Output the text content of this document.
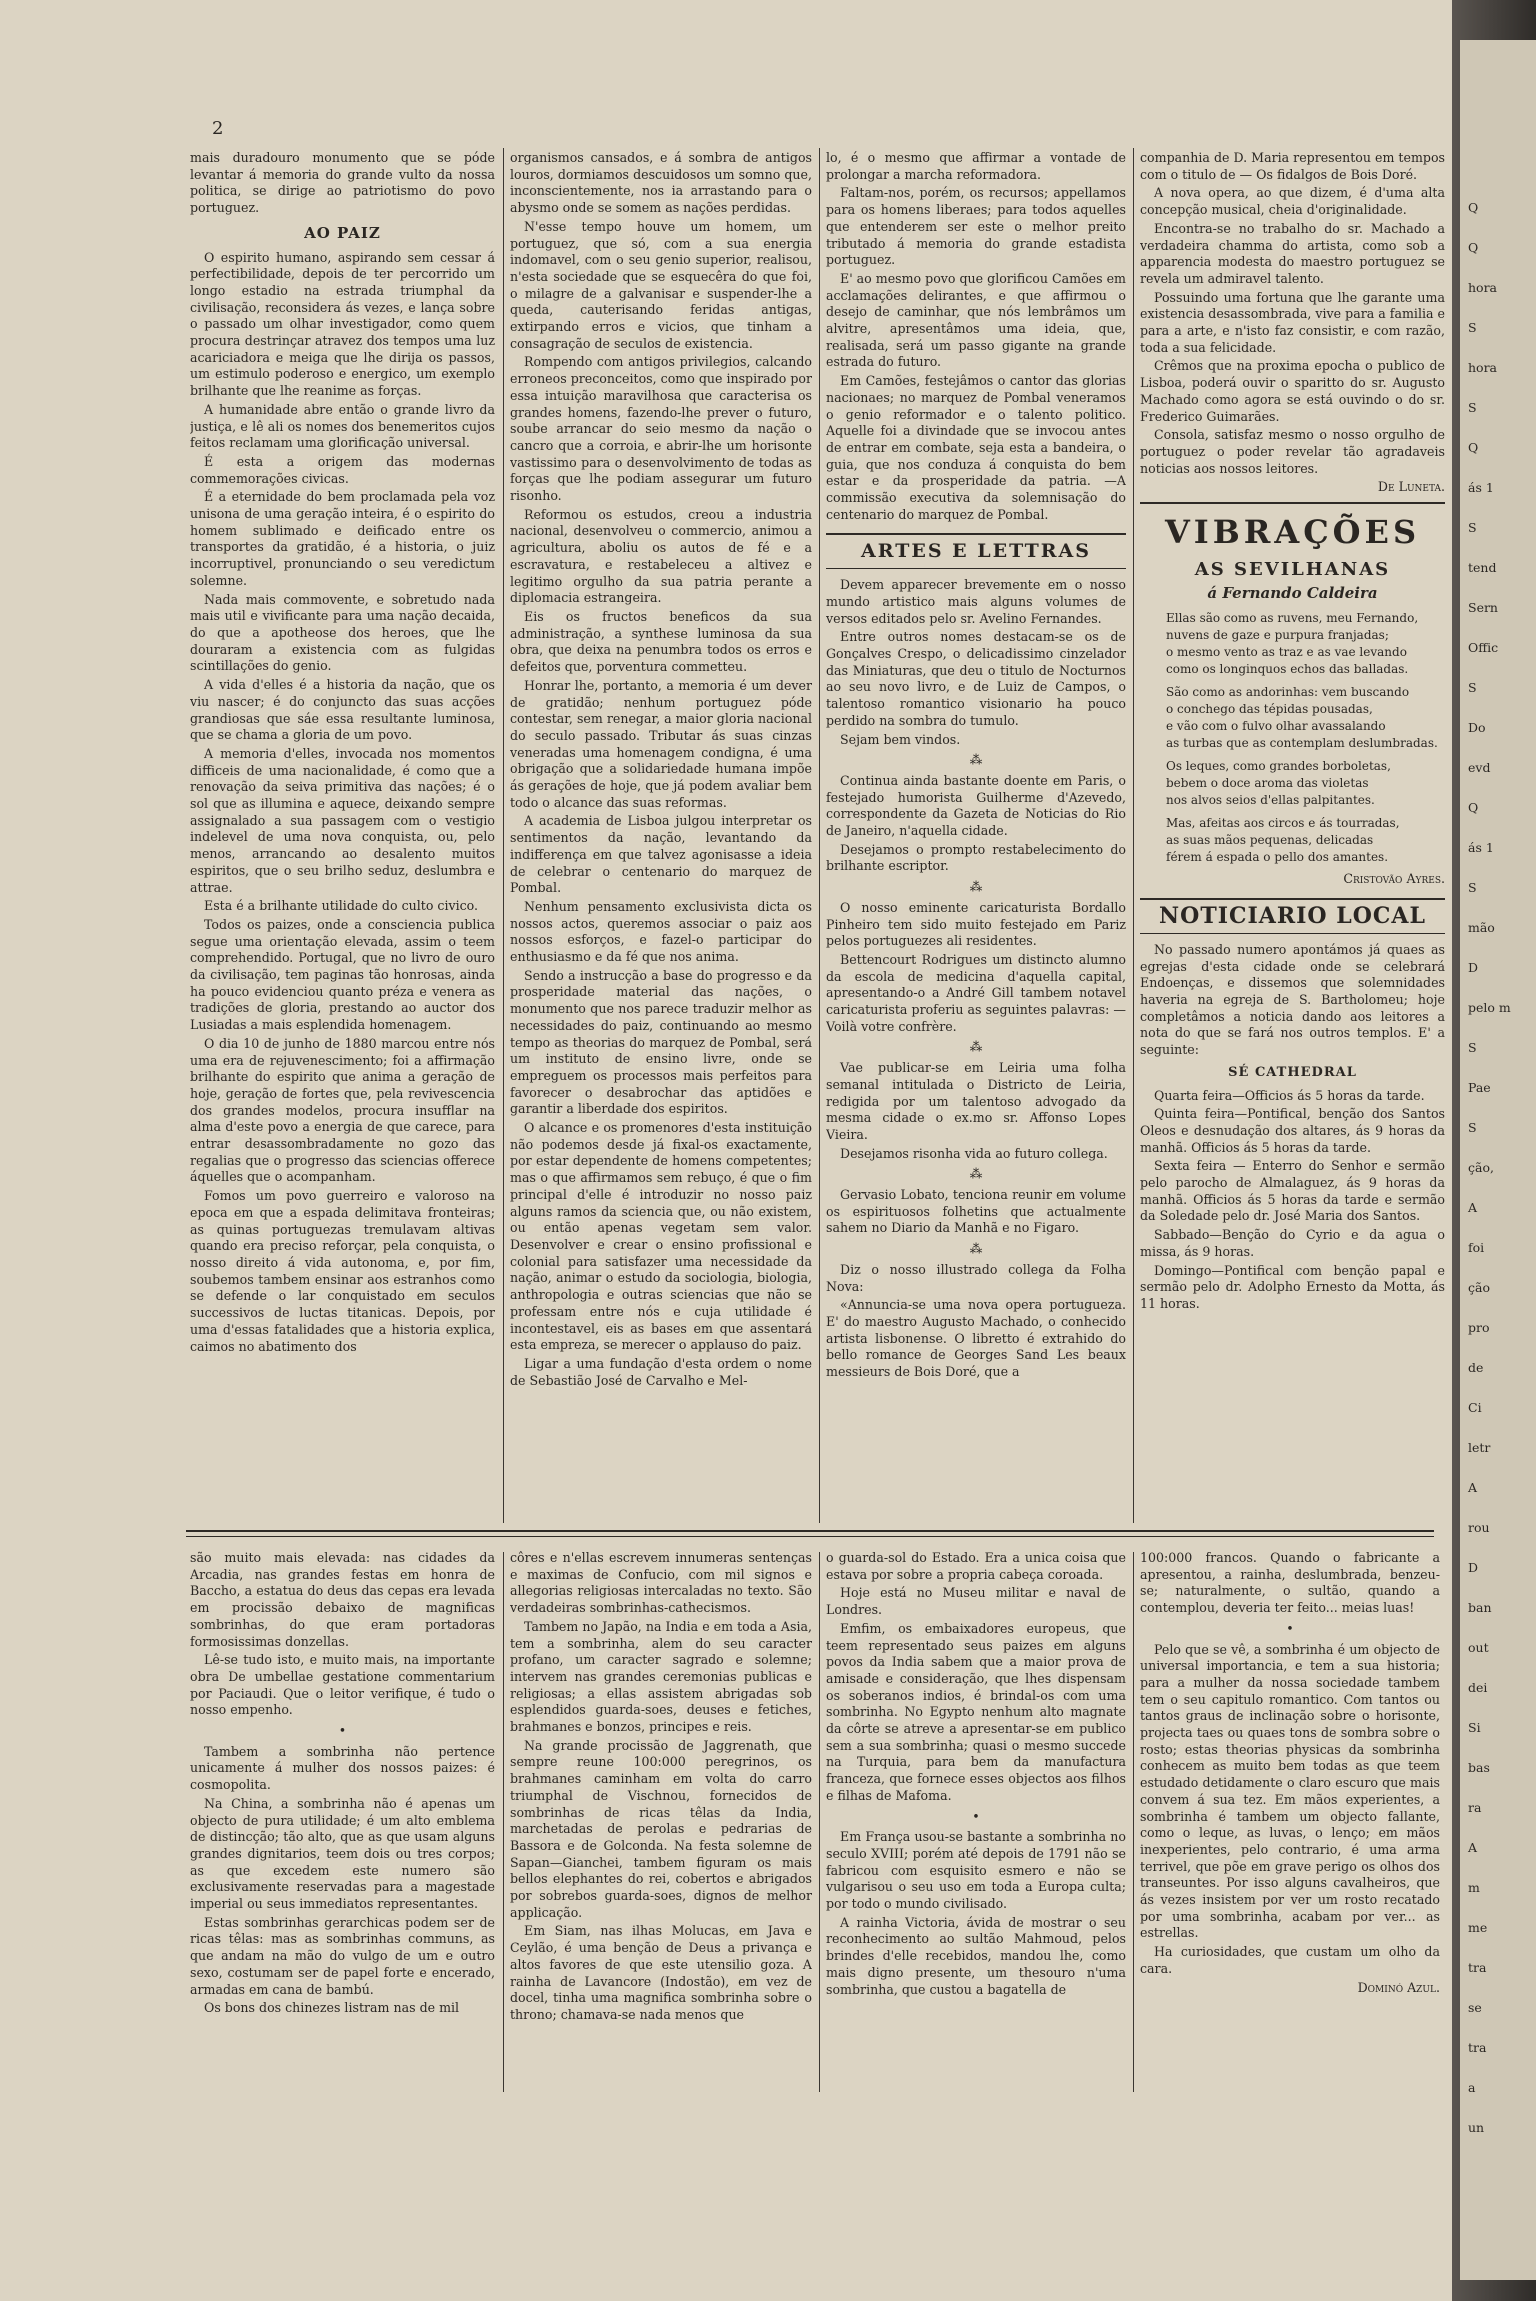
2

mais duradouro monumento que se póde levantar á memoria do grande vulto da nossa politica, se dirige ao patriotismo do povo portuguez.

AO PAIZ

O espirito humano, aspirando sem cessar á perfectibilidade, depois de ter percorrido um longo estadio na estrada triumphal da civilisação, reconsidera ás vezes, e lança sobre o passado um olhar investigador, como quem procura destrinçar atravez dos tempos uma luz acariciadora e meiga que lhe dirija os passos, um estimulo poderoso e energico, um exemplo brilhante que lhe reanime as forças.

A humanidade abre então o grande livro da justiça, e lê ali os nomes dos benemeritos cujos feitos reclamam uma glorificação universal.

É esta a origem das modernas commemorações civicas.

É a eternidade do bem proclamada pela voz unisona de uma geração inteira, é o espirito do homem sublimado e deificado entre os transportes da gratidão, é a historia, o juiz incorruptivel, pronunciando o seu veredictum solemne.

Nada mais commovente, e sobretudo nada mais util e vivificante para uma nação decaida, do que a apotheose dos heroes, que lhe douraram a existencia com as fulgidas scintillações do genio.

A vida d'elles é a historia da nação, que os viu nascer; é do conjuncto das suas acções grandiosas que sáe essa resultante luminosa, que se chama a gloria de um povo.

A memoria d'elles, invocada nos momentos difficeis de uma nacionalidade, é como que a renovação da seiva primitiva das nações; é o sol que as illumina e aquece, deixando sempre assignalado a sua passagem com o vestigio indelevel de uma nova conquista, ou, pelo menos, arrancando ao desalento muitos espiritos, que o seu brilho seduz, deslumbra e attrae.

Esta é a brilhante utilidade do culto civico.

Todos os paizes, onde a consciencia publica segue uma orientação elevada, assim o teem comprehendido. Portugal, que no livro de ouro da civilisação, tem paginas tão honrosas, ainda ha pouco evidenciou quanto préza e venera as tradições de gloria, prestando ao auctor dos Lusiadas a mais esplendida homenagem.

O dia 10 de junho de 1880 marcou entre nós uma era de rejuvenescimento; foi a affirmação brilhante do espirito que anima a geração de hoje, geração de fortes que, pela revivescencia dos grandes modelos, procura insufflar na alma d'este povo a energia de que carece, para entrar desassombradamente no gozo das regalias que o progresso das sciencias offerece áquelles que o acompanham.

Fomos um povo guerreiro e valoroso na epoca em que a espada delimitava fronteiras; as quinas portuguezas tremulavam altivas quando era preciso reforçar, pela conquista, o nosso direito á vida autonoma, e, por fim, soubemos tambem ensinar aos estranhos como se defende o lar conquistado em seculos successivos de luctas titanicas. Depois, por uma d'essas fatalidades que a historia explica, caimos no abatimento dos

organismos cansados, e á sombra de antigos louros, dormiamos descuidosos um somno que, inconscientemente, nos ia arrastando para o abysmo onde se somem as nações perdidas.

N'esse tempo houve um homem, um portuguez, que só, com a sua energia indomavel, com o seu genio superior, realisou, n'esta sociedade que se esquecêra do que foi, o milagre de a galvanisar e suspender-lhe a queda, cauterisando feridas antigas, extirpando erros e vicios, que tinham a consagração de seculos de existencia.

Rompendo com antigos privilegios, calcando erroneos preconceitos, como que inspirado por essa intuição maravilhosa que caracterisa os grandes homens, fazendo-lhe prever o futuro, soube arrancar do seio mesmo da nação o cancro que a corroia, e abrir-lhe um horisonte vastissimo para o desenvolvimento de todas as forças que lhe podiam assegurar um futuro risonho.

Reformou os estudos, creou a industria nacional, desenvolveu o commercio, animou a agricultura, aboliu os autos de fé e a escravatura, e restabeleceu a altivez e legitimo orgulho da sua patria perante a diplomacia estrangeira.

Eis os fructos beneficos da sua administração, a synthese luminosa da sua obra, que deixa na penumbra todos os erros e defeitos que, porventura commetteu.

Honrar lhe, portanto, a memoria é um dever de gratidão; nenhum portuguez póde contestar, sem renegar, a maior gloria nacional do seculo passado. Tributar ás suas cinzas veneradas uma homenagem condigna, é uma obrigação que a solidariedade humana impõe ás gerações de hoje, que já podem avaliar bem todo o alcance das suas reformas.

A academia de Lisboa julgou interpretar os sentimentos da nação, levantando da indifferença em que talvez agonisasse a ideia de celebrar o centenario do marquez de Pombal.

Nenhum pensamento exclusivista dicta os nossos actos, queremos associar o paiz aos nossos esforços, e fazel-o participar do enthusiasmo e da fé que nos anima.

Sendo a instrucção a base do progresso e da prosperidade material das nações, o monumento que nos parece traduzir melhor as necessidades do paiz, continuando ao mesmo tempo as theorias do marquez de Pombal, será um instituto de ensino livre, onde se empreguem os processos mais perfeitos para favorecer o desabrochar das aptidões e garantir a liberdade dos espiritos.

O alcance e os promenores d'esta instituição não podemos desde já fixal-os exactamente, por estar dependente de homens competentes; mas o que affirmamos sem rebuço, é que o fim principal d'elle é introduzir no nosso paiz alguns ramos da sciencia que, ou não existem, ou então apenas vegetam sem valor. Desenvolver e crear o ensino profissional e colonial para satisfazer uma necessidade da nação, animar o estudo da sociologia, biologia, anthropologia e outras sciencias que não se professam entre nós e cuja utilidade é incontestavel, eis as bases em que assentará esta empreza, se merecer o applauso do paiz.

Ligar a uma fundação d'esta ordem o nome de Sebastião José de Carvalho e Mel-

lo, é o mesmo que affirmar a vontade de prolongar a marcha reformadora.

Faltam-nos, porém, os recursos; appellamos para os homens liberaes; para todos aquelles que entenderem ser este o melhor preito tributado á memoria do grande estadista portuguez.

E' ao mesmo povo que glorificou Camões em acclamações delirantes, e que affirmou o desejo de caminhar, que nós lembrâmos um alvitre, apresentâmos uma ideia, que, realisada, será um passo gigante na grande estrada do futuro.

Em Camões, festejâmos o cantor das glorias nacionaes; no marquez de Pombal veneramos o genio reformador e o talento politico. Aquelle foi a divindade que se invocou antes de entrar em combate, seja esta a bandeira, o guia, que nos conduza á conquista do bem estar e da prosperidade da patria. —A commissão executiva da solemnisação do centenario do marquez de Pombal.

ARTES E LETTRAS

Devem apparecer brevemente em o nosso mundo artistico mais alguns volumes de versos editados pelo sr. Avelino Fernandes.

Entre outros nomes destacam-se os de Gonçalves Crespo, o delicadissimo cinzelador das Miniaturas, que deu o titulo de Nocturnos ao seu novo livro, e de Luiz de Campos, o talentoso romantico visionario ha pouco perdido na sombra do tumulo.

Sejam bem vindos.

⁂

Continua ainda bastante doente em Paris, o festejado humorista Guilherme d'Azevedo, correspondente da Gazeta de Noticias do Rio de Janeiro, n'aquella cidade.

Desejamos o prompto restabelecimento do brilhante escriptor.

⁂

O nosso eminente caricaturista Bordallo Pinheiro tem sido muito festejado em Pariz pelos portuguezes ali residentes.

Bettencourt Rodrigues um distincto alumno da escola de medicina d'aquella capital, apresentando-o a André Gill tambem notavel caricaturista proferiu as seguintes palavras: — Voilà votre confrère.

⁂

Vae publicar-se em Leiria uma folha semanal intitulada o Districto de Leiria, redigida por um talentoso advogado da mesma cidade o ex.mo sr. Affonso Lopes Vieira.

Desejamos risonha vida ao futuro collega.

⁂

Gervasio Lobato, tenciona reunir em volume os espirituosos folhetins que actualmente sahem no Diario da Manhã e no Figaro.

⁂

Diz o nosso illustrado collega da Folha Nova:

«Annuncia-se uma nova opera portugueza. E' do maestro Augusto Machado, o conhecido artista lisbonense. O libretto é extrahido do bello romance de Georges Sand Les beaux messieurs de Bois Doré, que a

companhia de D. Maria representou em tempos com o titulo de — Os fidalgos de Bois Doré.

A nova opera, ao que dizem, é d'uma alta concepção musical, cheia d'originalidade.

Encontra-se no trabalho do sr. Machado a verdadeira chamma do artista, como sob a apparencia modesta do maestro portuguez se revela um admiravel talento.

Possuindo uma fortuna que lhe garante uma existencia desassombrada, vive para a familia e para a arte, e n'isto faz consistir, e com razão, toda a sua felicidade.

Crêmos que na proxima epocha o publico de Lisboa, poderá ouvir o sparitto do sr. Augusto Machado como agora se está ouvindo o do sr. Frederico Guimarães.

Consola, satisfaz mesmo o nosso orgulho de portuguez o poder revelar tão agradaveis noticias aos nossos leitores.

De Luneta.

VIBRAÇÕES
AS SEVILHANAS
á Fernando Caldeira

Ellas são como as ruvens, meu Fernando,

nuvens de gaze e purpura franjadas;

o mesmo vento as traz e as vae levando

como os longinquos echos das balladas.

São como as andorinhas: vem buscando

o conchego das tépidas pousadas,

e vão com o fulvo olhar avassalando

as turbas que as contemplam deslumbradas.

Os leques, como grandes borboletas,

bebem o doce aroma das violetas

nos alvos seios d'ellas palpitantes.

Mas, afeitas aos circos e ás tourradas,

as suas mãos pequenas, delicadas

férem á espada o pello dos amantes.

Cristovão Ayres.

NOTICIARIO LOCAL

No passado numero apontámos já quaes as egrejas d'esta cidade onde se celebrará Endoenças, e dissemos que solemnidades haveria na egreja de S. Bartholomeu; hoje completâmos a noticia dando aos leitores a nota do que se fará nos outros templos. E' a seguinte:

SÉ CATHEDRAL

Quarta feira—Officios ás 5 horas da tarde.

Quinta feira—Pontifical, benção dos Santos Oleos e desnudação dos altares, ás 9 horas da manhã. Officios ás 5 horas da tarde.

Sexta feira — Enterro do Senhor e sermão pelo parocho de Almalaguez, ás 9 horas da manhã. Officios ás 5 horas da tarde e sermão da Soledade pelo dr. José Maria dos Santos.

Sabbado—Benção do Cyrio e da agua o missa, ás 9 horas.

Domingo—Pontifical com benção papal e sermão pelo dr. Adolpho Ernesto da Motta, ás 11 horas.

são muito mais elevada: nas cidades da Arcadia, nas grandes festas em honra de Baccho, a estatua do deus das cepas era levada em procissão debaixo de magnificas sombrinhas, do que eram portadoras formosissimas donzellas.

Lê-se tudo isto, e muito mais, na importante obra De umbellae gestatione commentarium por Paciaudi. Que o leitor verifique, é tudo o nosso empenho.

•

Tambem a sombrinha não pertence unicamente á mulher dos nossos paizes: é cosmopolita.

Na China, a sombrinha não é apenas um objecto de pura utilidade; é um alto emblema de distincção; tão alto, que as que usam alguns grandes dignitarios, teem dois ou tres corpos; as que excedem este numero são exclusivamente reservadas para a magestade imperial ou seus immediatos representantes.

Estas sombrinhas gerarchicas podem ser de ricas têlas: mas as sombrinhas communs, as que andam na mão do vulgo de um e outro sexo, costumam ser de papel forte e encerado, armadas em cana de bambú.

Os bons dos chinezes listram nas de mil

côres e n'ellas escrevem innumeras sentenças e maximas de Confucio, com mil signos e allegorias religiosas intercaladas no texto. São verdadeiras sombrinhas-cathecismos.

Tambem no Japão, na India e em toda a Asia, tem a sombrinha, alem do seu caracter profano, um caracter sagrado e solemne; intervem nas grandes ceremonias publicas e religiosas; a ellas assistem abrigadas sob esplendidos guarda-soes, deuses e fetiches, brahmanes e bonzos, principes e reis.

Na grande procissão de Jaggrenath, que sempre reune 100:000 peregrinos, os brahmanes caminham em volta do carro triumphal de Vischnou, fornecidos de sombrinhas de ricas têlas da India, marchetadas de perolas e pedrarias de Bassora e de Golconda. Na festa solemne de Sapan—Gianchei, tambem figuram os mais bellos elephantes do rei, cobertos e abrigados por sobrebos guarda-soes, dignos de melhor applicação.

Em Siam, nas ilhas Molucas, em Java e Ceylão, é uma benção de Deus a privança e altos favores de que este utensilio goza. A rainha de Lavancore (Indostão), em vez de docel, tinha uma magnifica sombrinha sobre o throno; chamava-se nada menos que

o guarda-sol do Estado. Era a unica coisa que estava por sobre a propria cabeça coroada.

Hoje está no Museu militar e naval de Londres.

Emfim, os embaixadores europeus, que teem representado seus paizes em alguns povos da India sabem que a maior prova de amisade e consideração, que lhes dispensam os soberanos indios, é brindal-os com uma sombrinha. No Egypto nenhum alto magnate da côrte se atreve a apresentar-se em publico sem a sua sombrinha; quasi o mesmo succede na Turquia, para bem da manufactura franceza, que fornece esses objectos aos filhos e filhas de Mafoma.

•

Em França usou-se bastante a sombrinha no seculo XVIII; porém até depois de 1791 não se fabricou com esquisito esmero e não se vulgarisou o seu uso em toda a Europa culta; por todo o mundo civilisado.

A rainha Victoria, ávida de mostrar o seu reconhecimento ao sultão Mahmoud, pelos brindes d'elle recebidos, mandou lhe, como mais digno presente, um thesouro n'uma sombrinha, que custou a bagatella de

100:000 francos. Quando o fabricante a apresentou, a rainha, deslumbrada, benzeu-se; naturalmente, o sultão, quando a contemplou, deveria ter feito... meias luas!

•

Pelo que se vê, a sombrinha é um objecto de universal importancia, e tem a sua historia; para a mulher da nossa sociedade tambem tem o seu capitulo romantico. Com tantos ou tantos graus de inclinação sobre o horisonte, projecta taes ou quaes tons de sombra sobre o rosto; estas theorias physicas da sombrinha conhecem as muito bem todas as que teem estudado detidamente o claro escuro que mais convem á sua tez. Em mãos experientes, a sombrinha é tambem um objecto fallante, como o leque, as luvas, o lenço; em mãos inexperientes, pelo contrario, é uma arma terrivel, que põe em grave perigo os olhos dos transeuntes. Por isso alguns cavalheiros, que ás vezes insistem por ver um rosto recatado por uma sombrinha, acabam por ver... as estrellas.

Ha curiosidades, que custam um olho da cara.

Dominó Azul.

Q
Q
hora
S
hora
S
Q
ás 1
S
tend
Sern
Offic
S
Do
evd
Q
ás 1
S
mão
D
pelo m
S
Pae
S
ção,
A
foi
ção
pro
de
Ci
letr
A
rou
D
ban
out
dei
Si
bas
ra
A
m
me
tra
se
tra
a
un
